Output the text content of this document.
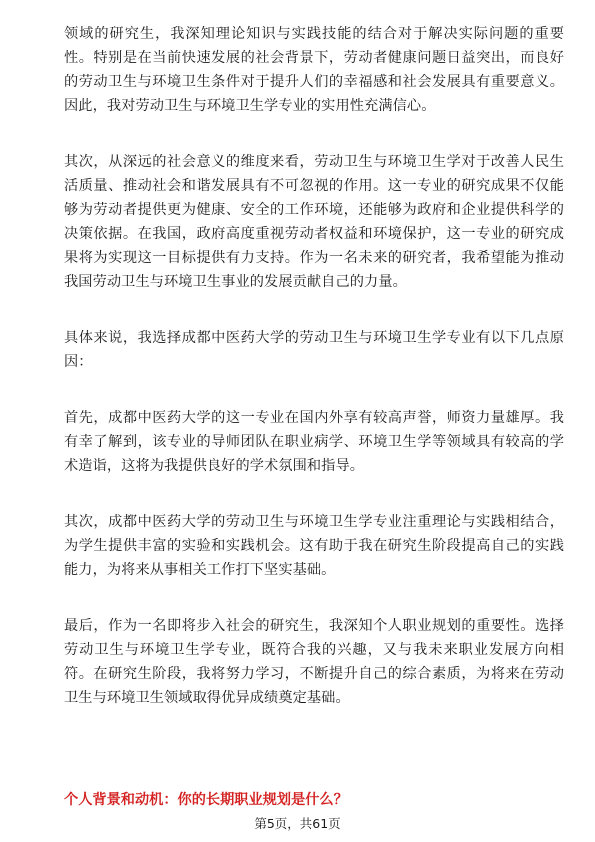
领域的研究生，我深知理论知识与实践技能的结合对于解决实际问题的重要性。特别是在当前快速发展的社会背景下，劳动者健康问题日益突出，而良好的劳动卫生与环境卫生条件对于提升人们的幸福感和社会发展具有重要意义。因此，我对劳动卫生与环境卫生学专业的实用性充满信心。

其次，从深远的社会意义的维度来看，劳动卫生与环境卫生学对于改善人民生活质量、推动社会和谐发展具有不可忽视的作用。这一专业的研究成果不仅能够为劳动者提供更为健康、安全的工作环境，还能够为政府和企业提供科学的决策依据。在我国，政府高度重视劳动者权益和环境保护，这一专业的研究成果将为实现这一目标提供有力支持。作为一名未来的研究者，我希望能为推动我国劳动卫生与环境卫生事业的发展贡献自己的力量。

具体来说，我选择成都中医药大学的劳动卫生与环境卫生学专业有以下几点原因：

首先，成都中医药大学的这一专业在国内外享有较高声誉，师资力量雄厚。我有幸了解到，该专业的导师团队在职业病学、环境卫生学等领域具有较高的学术造诣，这将为我提供良好的学术氛围和指导。

其次，成都中医药大学的劳动卫生与环境卫生学专业注重理论与实践相结合，为学生提供丰富的实验和实践机会。这有助于我在研究生阶段提高自己的实践能力，为将来从事相关工作打下坚实基础。

最后，作为一名即将步入社会的研究生，我深知个人职业规划的重要性。选择劳动卫生与环境卫生学专业，既符合我的兴趣，又与我未来职业发展方向相符。在研究生阶段，我将努力学习，不断提升自己的综合素质，为将来在劳动卫生与环境卫生领域取得优异成绩奠定基础。

个人背景和动机：你的长期职业规划是什么？

第5页，共61页
